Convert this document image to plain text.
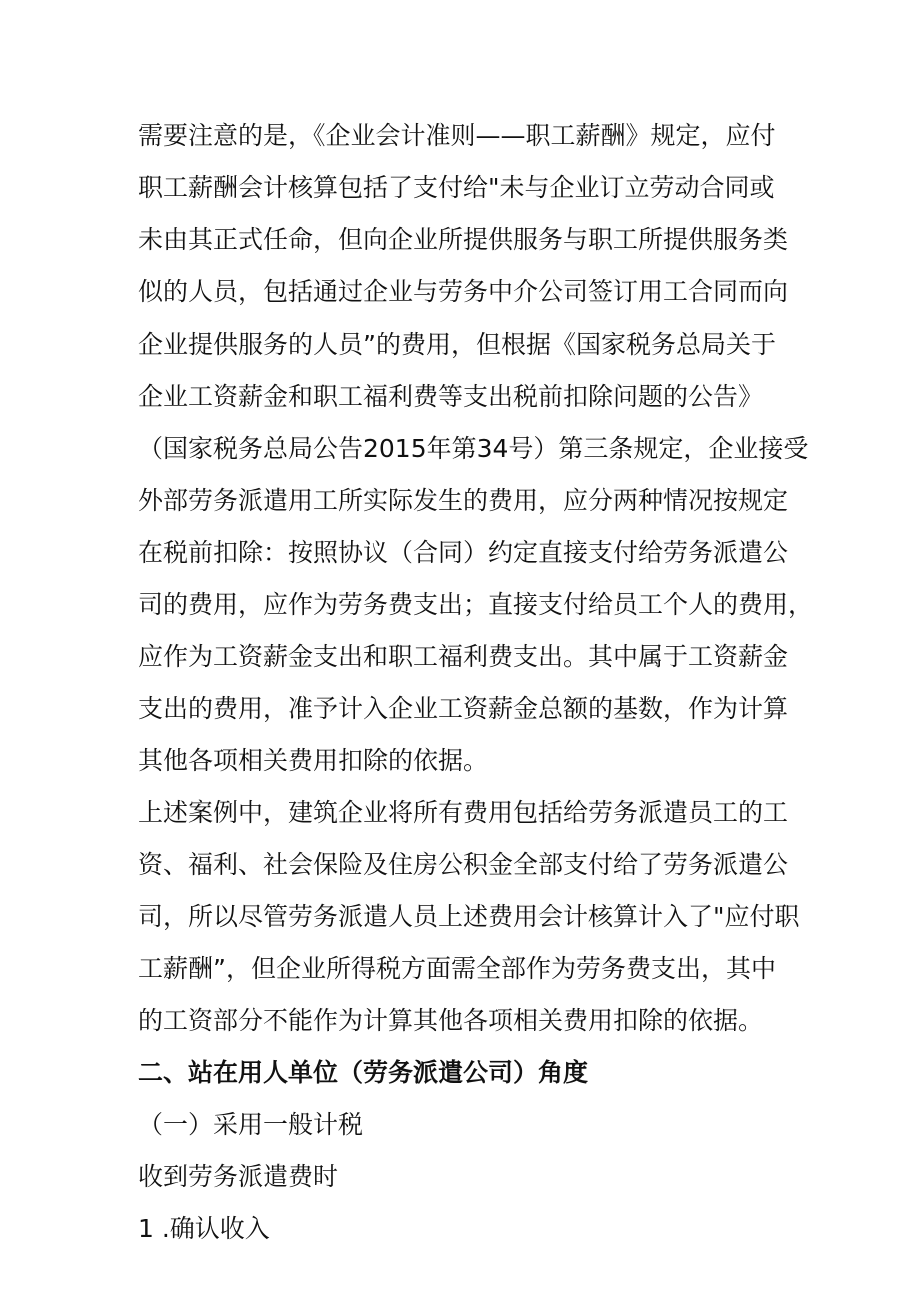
需要注意的是，《企业会计准则——职工薪酬》规定，应付
职工薪酬会计核算包括了支付给"未与企业订立劳动合同或
未由其正式任命，但向企业所提供服务与职工所提供服务类
似的人员，包括通过企业与劳务中介公司签订用工合同而向
企业提供服务的人员”的费用，但根据《国家税务总局关于
企业工资薪金和职工福利费等支出税前扣除问题的公告》
（国家税务总局公告2015年第34号）第三条规定，企业接受
外部劳务派遣用工所实际发生的费用，应分两种情况按规定
在税前扣除：按照协议（合同）约定直接支付给劳务派遣公
司的费用，应作为劳务费支出；直接支付给员工个人的费用，
应作为工资薪金支出和职工福利费支出。其中属于工资薪金
支出的费用，准予计入企业工资薪金总额的基数，作为计算
其他各项相关费用扣除的依据。
上述案例中，建筑企业将所有费用包括给劳务派遣员工的工
资、福利、社会保险及住房公积金全部支付给了劳务派遣公
司，所以尽管劳务派遣人员上述费用会计核算计入了"应付职
工薪酬”，但企业所得税方面需全部作为劳务费支出，其中
的工资部分不能作为计算其他各项相关费用扣除的依据。
二、站在用人单位（劳务派遣公司）角度
（一）采用一般计税
收到劳务派遣费时
1 .确认收入
